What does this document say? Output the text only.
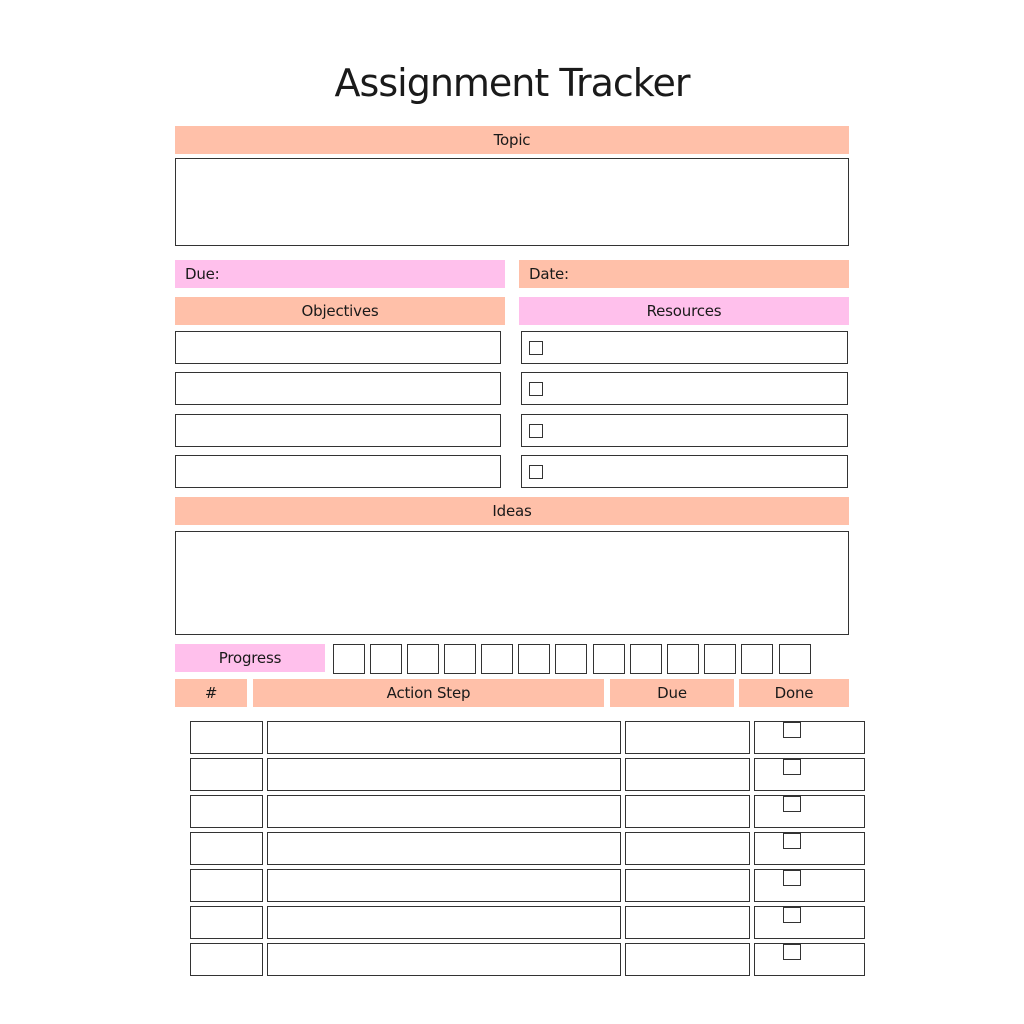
Assignment Tracker
Topic
Due:	Date:
Objectives	Resources
Ideas
Progress
#	Action Step	Due	Done
